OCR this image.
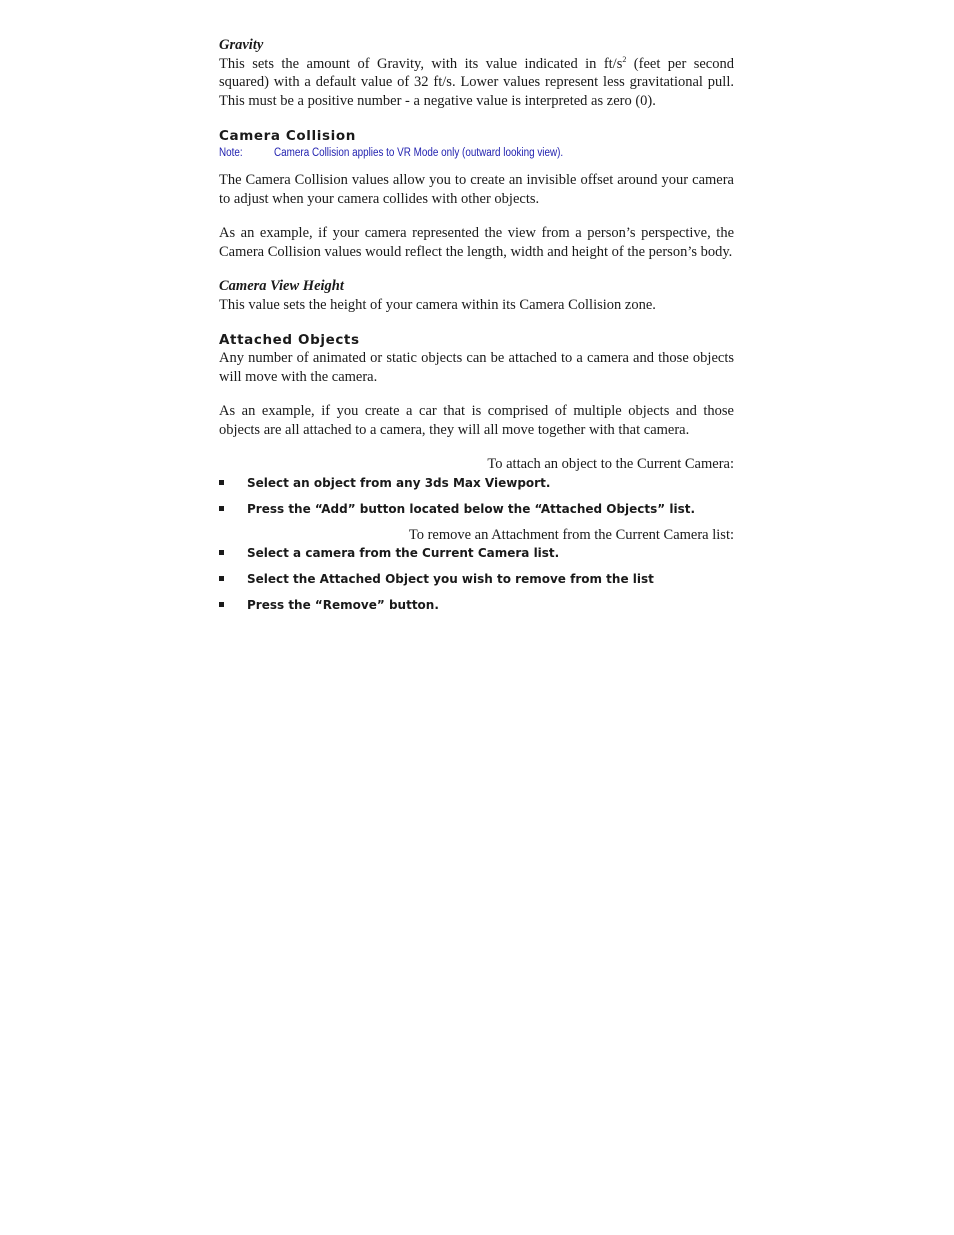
Gravity

This sets the amount of Gravity, with its value indicated in $ft/s^2$ (feet per second squared) with a default value of 32 ft/s. Lower values represent less gravitational pull. This must be a positive number - a negative value is interpreted as zero (0).

Camera Collision

Note:	Camera Collision applies to VR Mode only (outward looking view).

The Camera Collision values allow you to create an invisible offset around your camera to adjust when your camera collides with other objects.

As an example, if your camera represented the view from a person’s perspective, the Camera Collision values would reflect the length, width and height of the person’s body.

Camera View Height

This value sets the height of your camera within its Camera Collision zone.

Attached Objects

Any number of animated or static objects can be attached to a camera and those objects will move with the camera.

As an example, if you create a car that is comprised of multiple objects and those objects are all attached to a camera, they will all move together with that camera.

To attach an object to the Current Camera:

Select an object from any 3ds Max Viewport.
Press the “Add” button located below the “Attached Objects” list.

To remove an Attachment from the Current Camera list:

Select a camera from the Current Camera list.
Select the Attached Object you wish to remove from the list
Press the “Remove” button.
